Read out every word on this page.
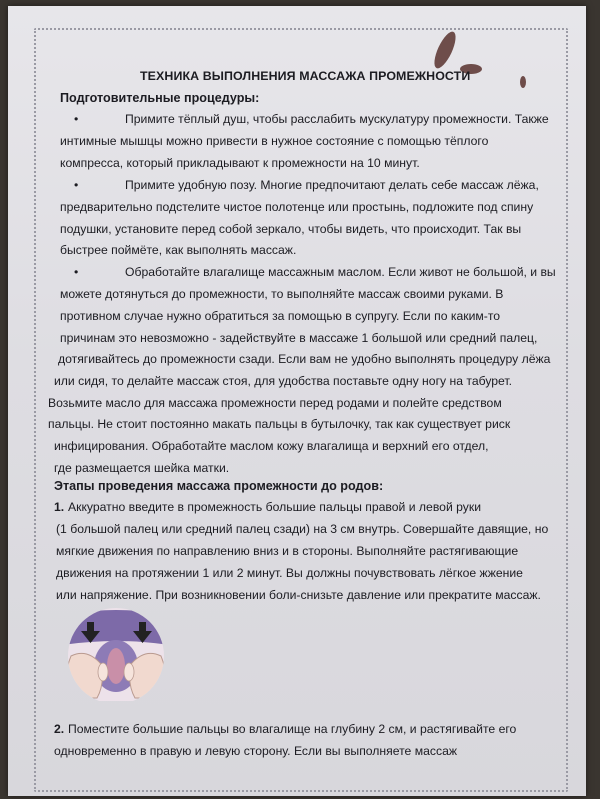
ТЕХНИКА ВЫПОЛНЕНИЯ МАССАЖА ПРОМЕЖНОСТИ
Подготовительные процедуры:
•	Примите тёплый душ, чтобы расслабить мускулатуру промежности. Также
интимные мышцы можно привести в нужное состояние с помощью тёплого
компресса, который прикладывают к промежности на 10 минут.
•	Примите удобную позу. Многие предпочитают делать себе массаж лёжа,
предварительно подстелите чистое полотенце или простынь, подложите под спину
подушки, установите перед собой зеркало, чтобы видеть, что происходит. Так вы
быстрее поймёте, как выполнять массаж.
•	Обработайте влагалище массажным маслом. Если живот не большой, и вы
можете дотянуться до промежности, то выполняйте массаж своими руками. В
противном случае нужно обратиться за помощью в супругу. Если по каким-то
причинам это невозможно - задействуйте в массаже 1 большой или средний палец,
дотягивайтесь до промежности сзади. Если вам не удобно выполнять процедуру лёжа
или сидя, то делайте массаж стоя, для удобства поставьте одну ногу на табурет.
Возьмите масло для массажа промежности перед родами и полейте средством
пальцы. Не стоит постоянно макать пальцы в бутылочку, так как существует риск
инфицирования. Обработайте маслом кожу влагалища и верхний его отдел,
где размещается шейка матки.
Этапы проведения массажа промежности до родов:
1. Аккуратно введите в промежность большие пальцы правой и левой руки
(1 большой палец или средний палец сзади) на 3 см внутрь. Совершайте давящие, но
мягкие движения по направлению вниз и в стороны. Выполняйте растягивающие
движения на протяжении 1 или 2 минут. Вы должны почувствовать лёгкое жжение
или напряжение. При возникновении боли-снизьте давление или прекратите массаж.
2. Поместите большие пальцы во влагалище на глубину 2 см, и растягивайте его
одновременно в правую и левую сторону. Если вы выполняете массаж
